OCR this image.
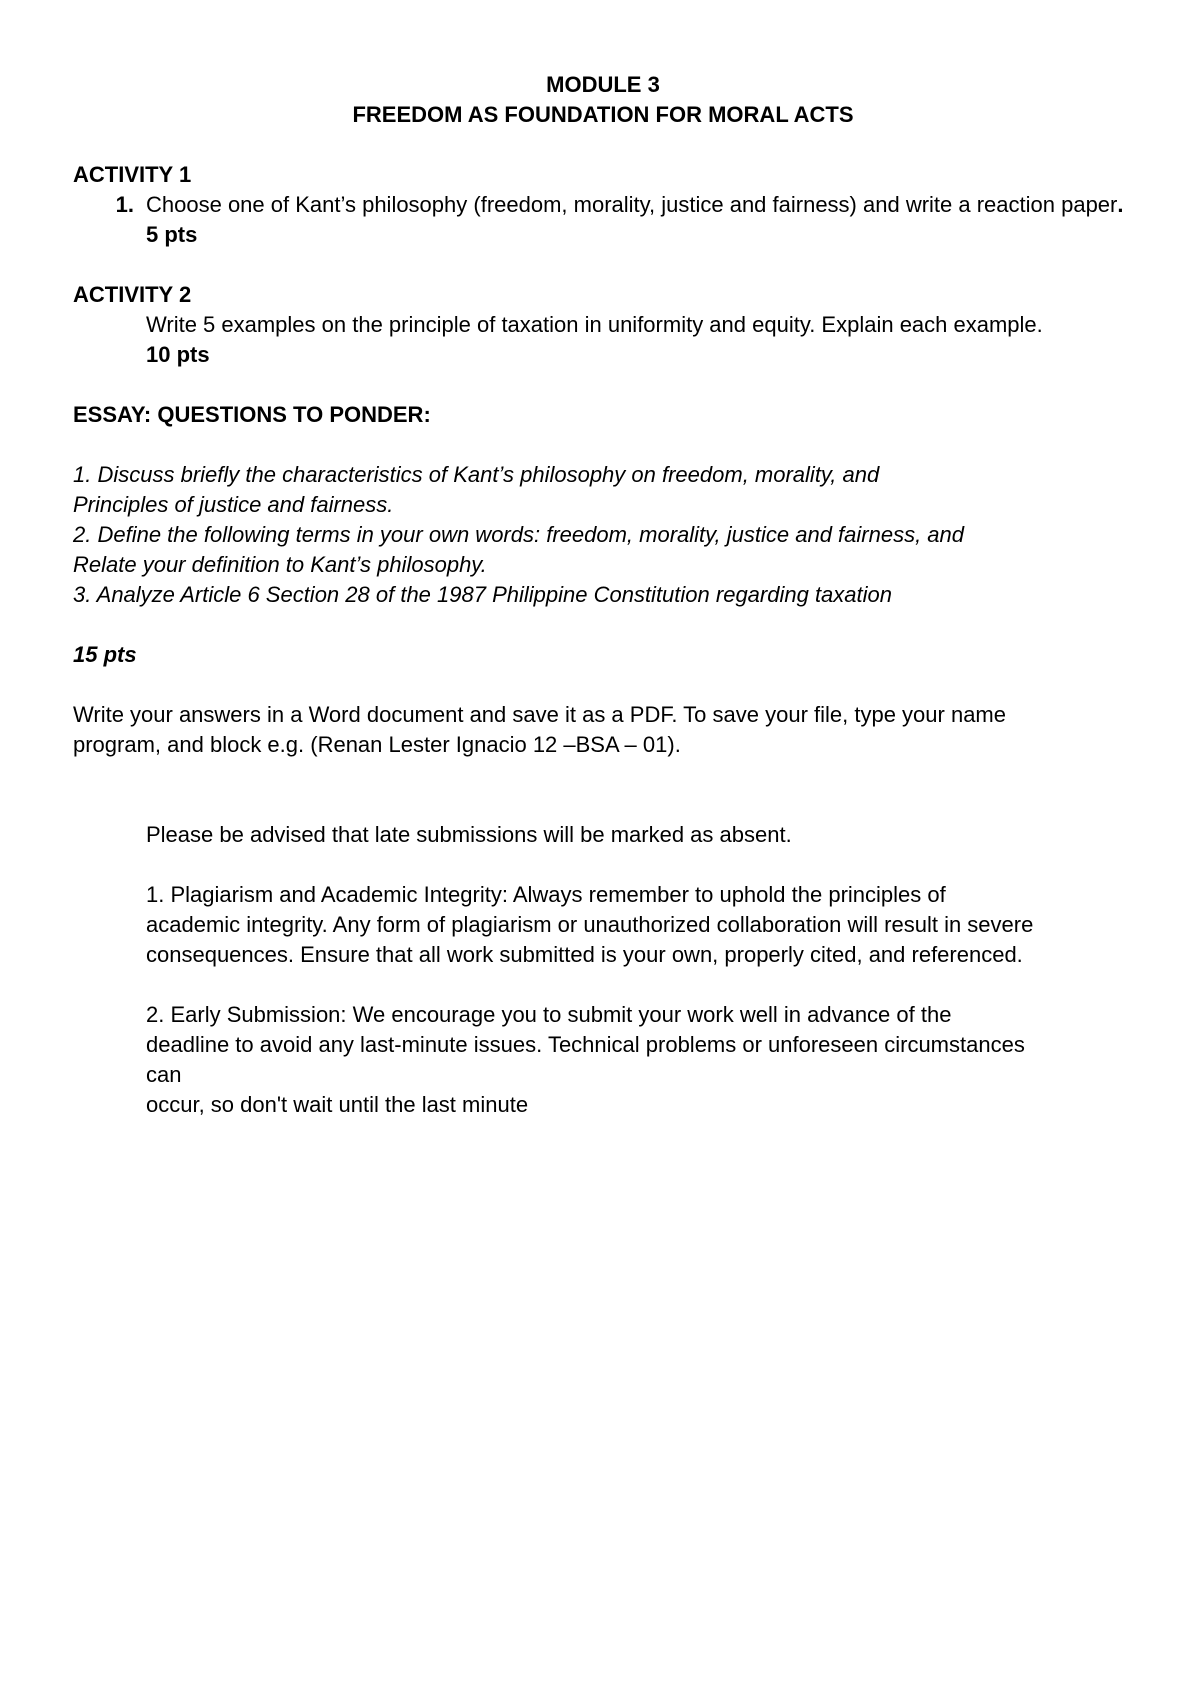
MODULE 3
FREEDOM AS FOUNDATION FOR MORAL ACTS

ACTIVITY 1

1. Choose one of Kant’s philosophy (freedom, morality, justice and fairness) and write a reaction paper. 5 pts

ACTIVITY 2

Write 5 examples on the principle of taxation in uniformity and equity. Explain each example.

10 pts

ESSAY: QUESTIONS TO PONDER:

1. Discuss briefly the characteristics of Kant’s philosophy on freedom, morality, and

Principles of justice and fairness.

2. Define the following terms in your own words: freedom, morality, justice and fairness, and

Relate your definition to Kant’s philosophy.

3. Analyze Article 6 Section 28 of the 1987 Philippine Constitution regarding taxation

15 pts

Write your answers in a Word document and save it as a PDF. To save your file, type your name

program, and block e.g. (Renan Lester Ignacio 12 –BSA – 01).

Please be advised that late submissions will be marked as absent.

1. Plagiarism and Academic Integrity: Always remember to uphold the principles of

academic integrity. Any form of plagiarism or unauthorized collaboration will result in severe

consequences. Ensure that all work submitted is your own, properly cited, and referenced.

2. Early Submission: We encourage you to submit your work well in advance of the

deadline to avoid any last-minute issues. Technical problems or unforeseen circumstances

can

occur, so don't wait until the last minute
